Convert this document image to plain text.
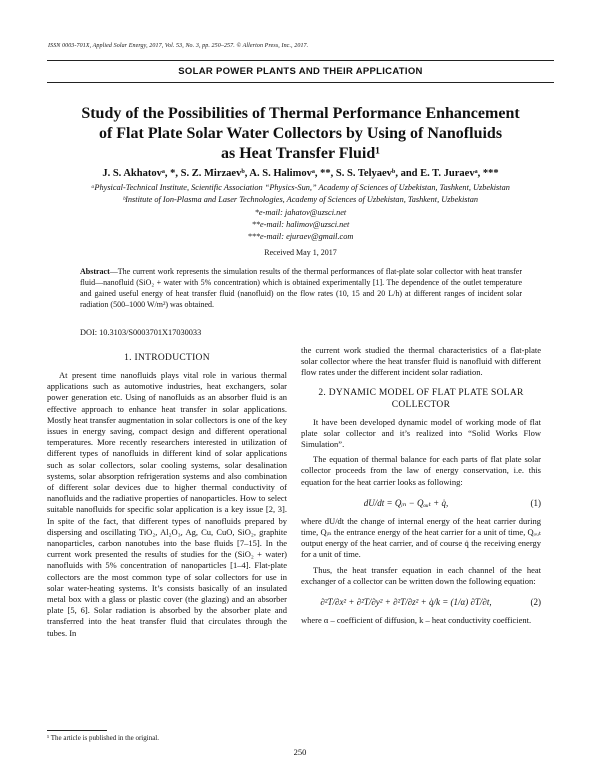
ISSN 0003-701X, Applied Solar Energy, 2017, Vol. 53, No. 3, pp. 250–257. © Allerton Press, Inc., 2017.
SOLAR POWER PLANTS AND THEIR APPLICATION
Study of the Possibilities of Thermal Performance Enhancement
of Flat Plate Solar Water Collectors by Using of Nanofluids
as Heat Transfer Fluid¹
J. S. Akhatovᵃ, *, S. Z. Mirzaevᵇ, A. S. Halimovᵃ, **, S. S. Telyaevᵇ, and E. T. Juraevᵃ, ***
ᵃPhysical-Technical Institute, Scientific Association “Physics-Sun,” Academy of Sciences of Uzbekistan, Tashkent, Uzbekistan
ᵇInstitute of Ion-Plasma and Laser Technologies, Academy of Sciences of Uzbekistan, Tashkent, Uzbekistan
*e-mail: jahatov@uzsci.net
**e-mail: halimov@uzsci.net
***e-mail: ejuraev@gmail.com
Received May 1, 2017
Abstract—The current work represents the simulation results of the thermal performances of flat-plate solar collector with heat transfer fluid—nanofluid (SiO₂ + water with 5% concentration) which is obtained experimentally [1]. The dependence of the outlet temperature and gained useful energy of heat transfer fluid (nanofluid) on the flow rates (10, 15 and 20 L/h) at different ranges of incident solar radiation (500–1000 W/m²) was obtained.
DOI: 10.3103/S0003701X17030033
1. INTRODUCTION

At present time nanofluids plays vital role in various thermal applications such as automotive industries, heat exchangers, solar power generation etc. Using of nanofluids as an absorber fluid is an effective approach to enhance heat transfer in solar applications. Mostly heat transfer augmentation in solar collectors is one of the key issues in energy saving, compact design and different operational temperatures. More recently researchers interested in utilization of different types of nanofluids in different kind of solar applications such as solar collectors, solar cooling systems, solar desalination systems, solar absorption refrigeration systems and also combination of different solar devices due to higher thermal conductivity of nanofluids and the radiative properties of nanoparticles. How to select suitable nanofluids for specific solar application is a key issue [2, 3]. In spite of the fact, that different types of nanofluids prepared by dispersing and oscillating TiO₂, Al₂O₃, Ag, Cu, CuO, SiO₂, graphite nanoparticles, carbon nanotubes into the base fluids [7–15]. In the current work presented the results of studies for the (SiO₂ + water) nanofluids with 5% concentration of nanoparticles [1–4]. Flat-plate collectors are the most common type of solar collectors for use in solar water-heating systems. It’s consists basically of an insulated metal box with a glass or plastic cover (the glazing) and an absorber plate [5, 6]. Solar radiation is absorbed by the absorber plate and transferred into the heat transfer fluid that circulates through the tubes. In

the current work studied the thermal characteristics of a flat-plate solar collector where the heat transfer fluid is nanofluid with different flow rates under the different incident solar radiation.

2. DYNAMIC MODEL OF FLAT PLATE SOLAR
COLLECTOR

It have been developed dynamic model of working mode of flat plate solar collector and it’s realized into “Solid Works Flow Simulation”.

The equation of thermal balance for each parts of flat plate solar collector proceeds from the law of energy conservation, i.e. this equation for the heat carrier looks as following:

dU/dt = Qᵢₙ − Qₒᵤₜ + q̇,	(1)

where dU/dt the change of internal energy of the heat carrier during time, Qᵢₙ the entrance energy of the heat carrier for a unit of time, Qₒᵤₜ output energy of the heat carrier, and of course q̇ the receiving energy for a unit of time.

Thus, the heat transfer equation in each channel of the heat exchanger of a collector can be written down the following equation:

∂²T/∂x² + ∂²T/∂y² + ∂²T/∂z² + q̇/k = (1/α) ∂T/∂t,	(2)

where α – coefficient of diffusion, k – heat conductivity coefficient.

¹ The article is published in the original.
250
